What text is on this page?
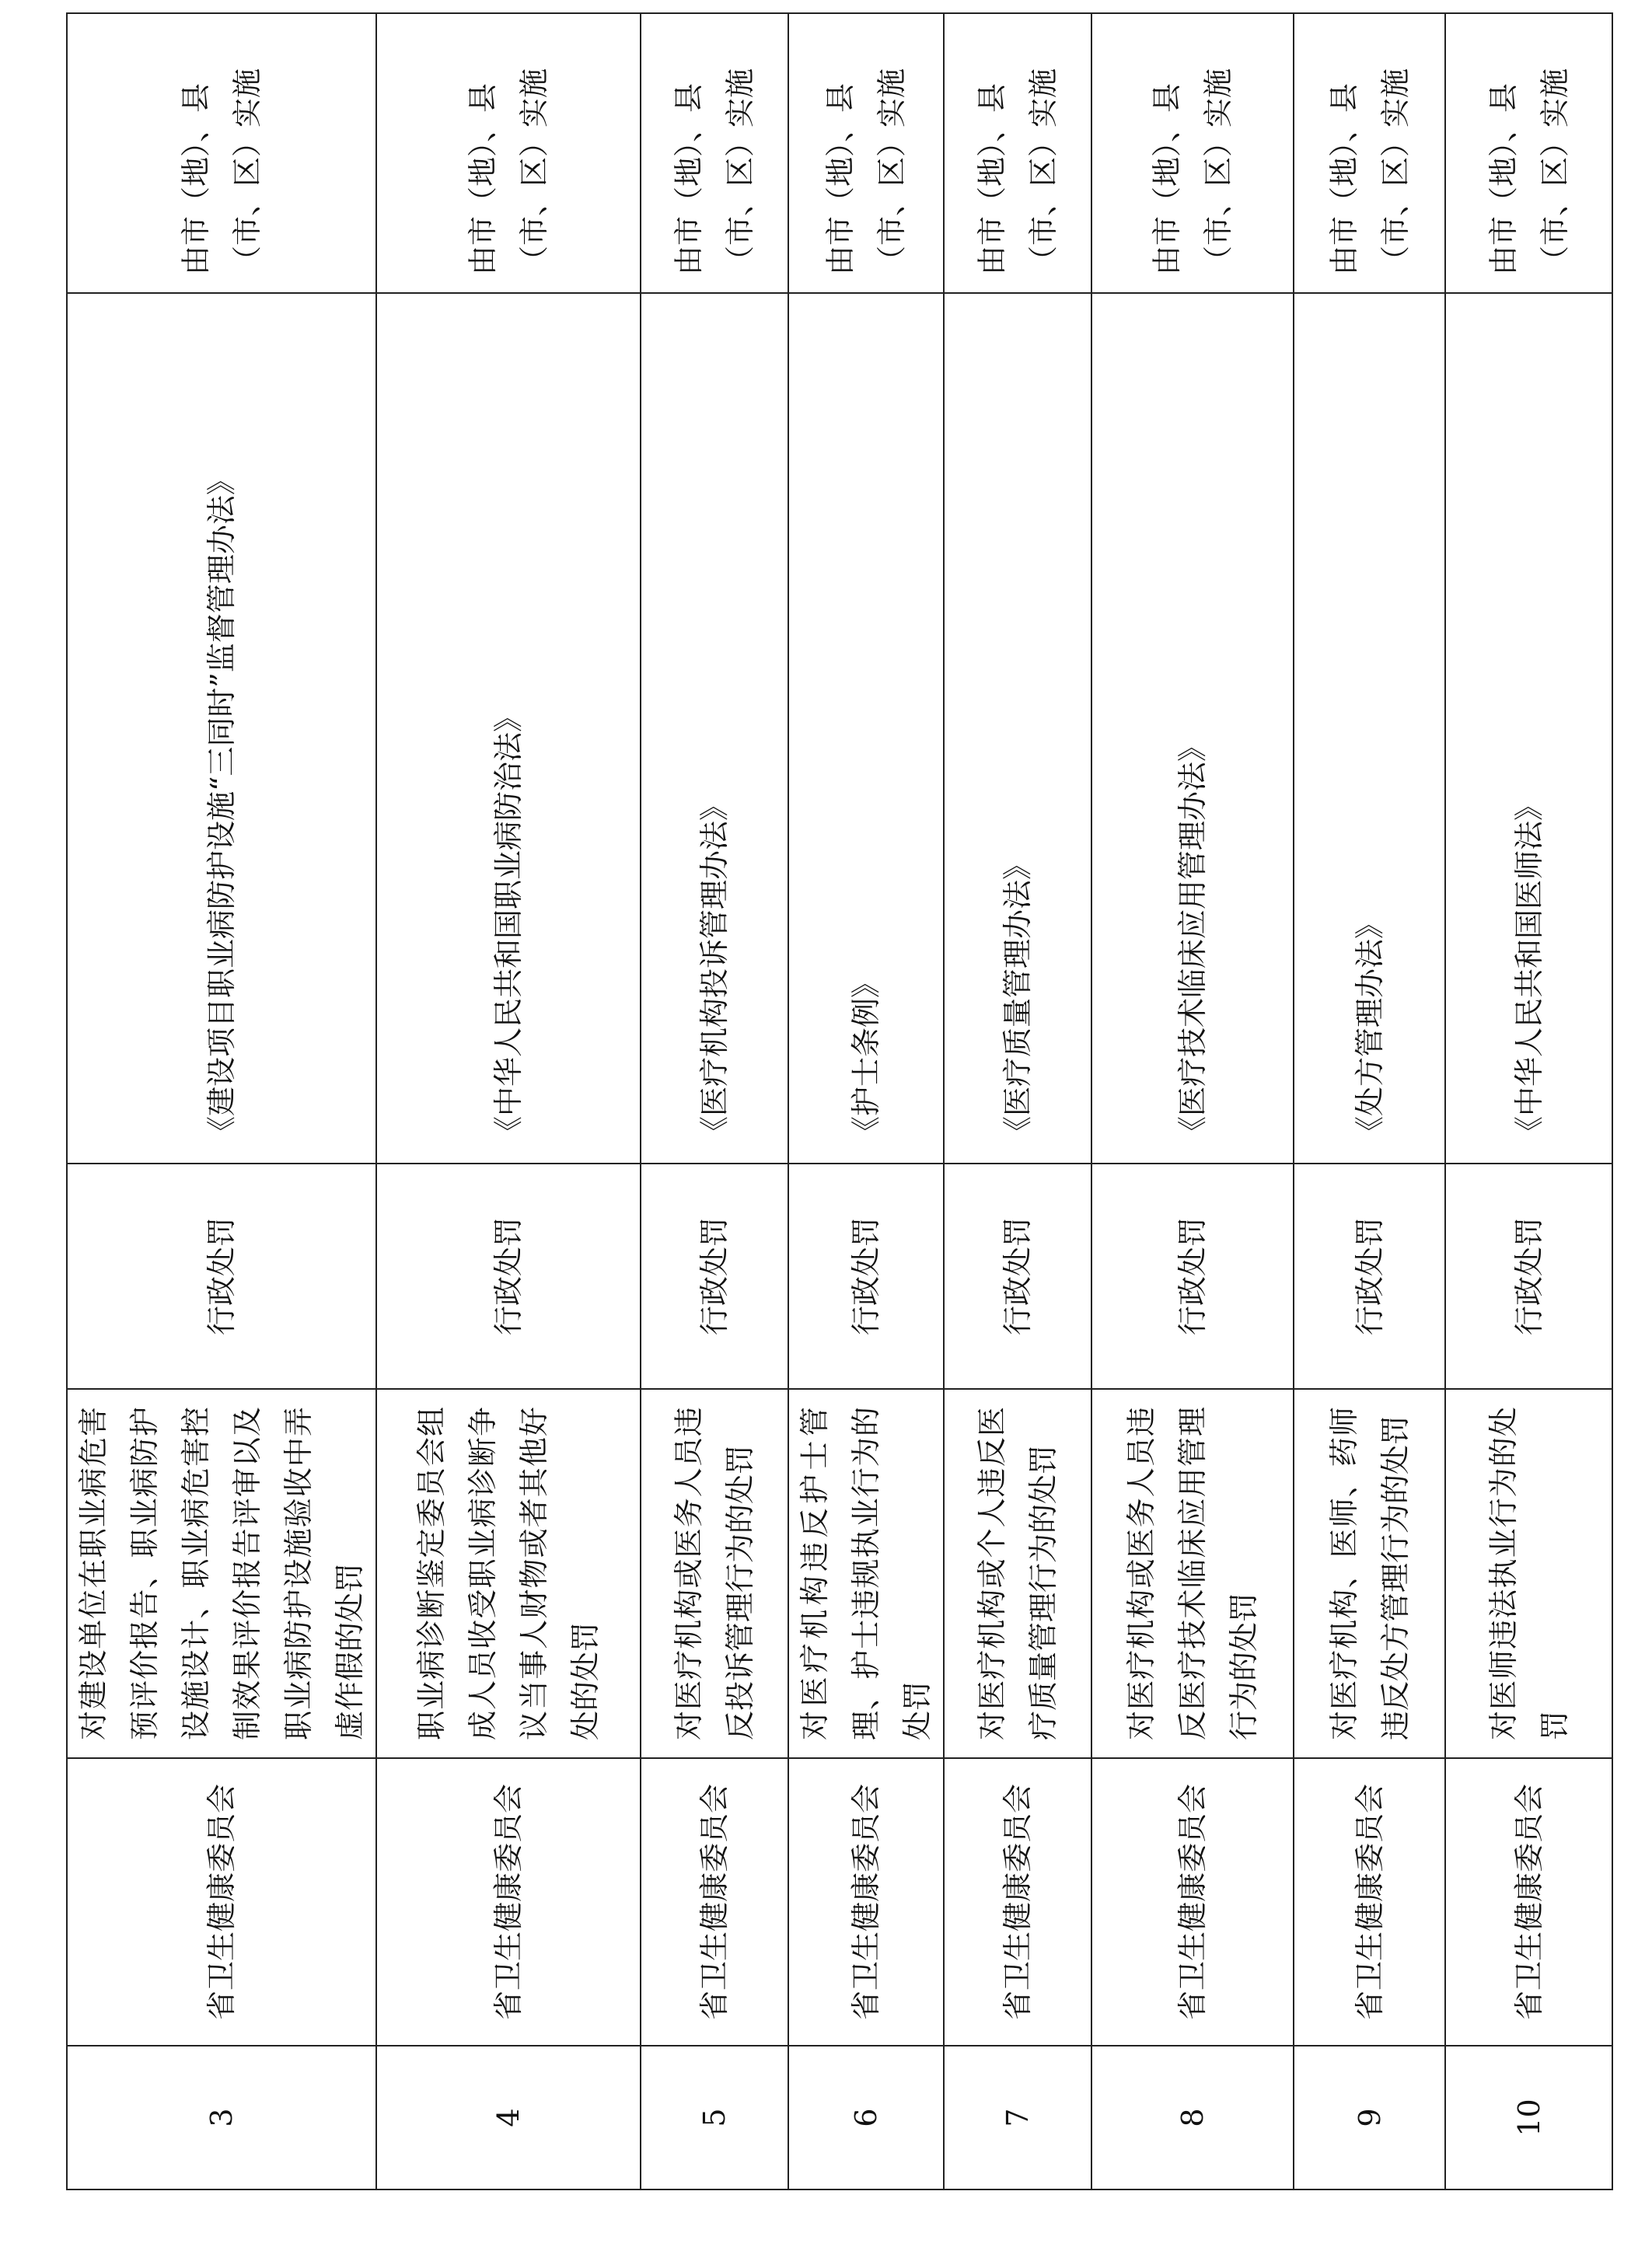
3	省卫生健康委员会	对建设单位在职业病危害预评价报告、职业病防护设施设计、职业病危害控制效果评价报告评审以及职业病防护设施验收中弄虚作假的处罚	行政处罚	《建设项目职业病防护设施“三同时”监督管理办法》	由市（地）、县（市、区）实施
4	省卫生健康委员会	职业病诊断鉴定委员会组成人员收受职业病诊断争议当事人财物或者其他好处的处罚	行政处罚	《中华人民共和国职业病防治法》	由市（地）、县（市、区）实施
5	省卫生健康委员会	对医疗机构或医务人员违反投诉管理行为的处罚	行政处罚	《医疗机构投诉管理办法》	由市（地）、县（市、区）实施
6	省卫生健康委员会	对医疗机构违反护士管理、护士违规执业行为的处罚	行政处罚	《护士条例》	由市（地）、县（市、区）实施
7	省卫生健康委员会	对医疗机构或个人违反医疗质量管理行为的处罚	行政处罚	《医疗质量管理办法》	由市（地）、县（市、区）实施
8	省卫生健康委员会	对医疗机构或医务人员违反医疗技术临床应用管理行为的处罚	行政处罚	《医疗技术临床应用管理办法》	由市（地）、县（市、区）实施
9	省卫生健康委员会	对医疗机构、医师、药师违反处方管理行为的处罚	行政处罚	《处方管理办法》	由市（地）、县（市、区）实施
10	省卫生健康委员会	对医师违法执业行为的处罚	行政处罚	《中华人民共和国医师法》	由市（地）、县（市、区）实施
